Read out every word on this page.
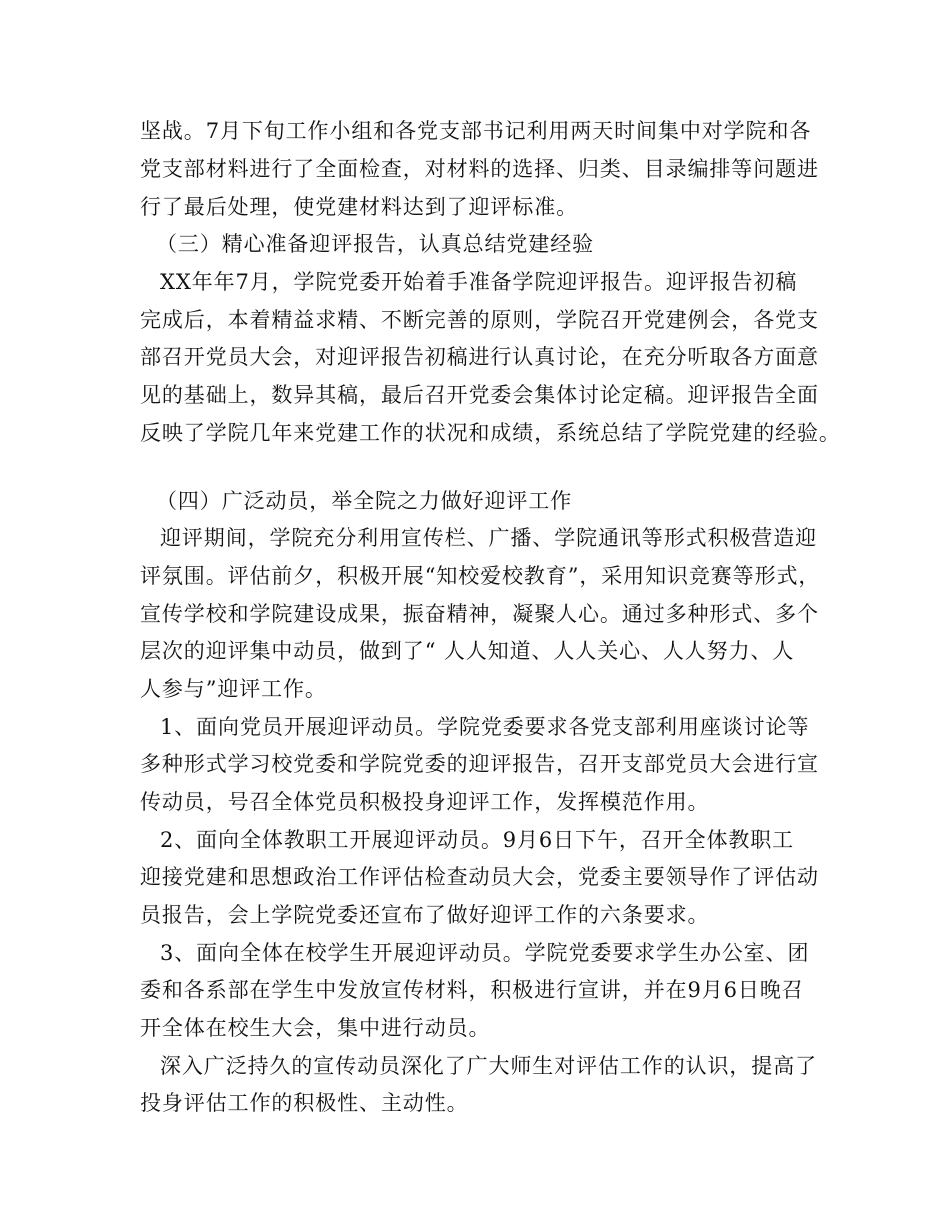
坚战。7月下旬工作小组和各党支部书记利用两天时间集中对学院和各
党支部材料进行了全面检查，对材料的选择、归类、目录编排等问题进
行了最后处理，使党建材料达到了迎评标准。
（三）精心准备迎评报告，认真总结党建经验
XX年年7月，学院党委开始着手准备学院迎评报告。迎评报告初稿
完成后，本着精益求精、不断完善的原则，学院召开党建例会，各党支
部召开党员大会，对迎评报告初稿进行认真讨论，在充分听取各方面意
见的基础上，数异其稿，最后召开党委会集体讨论定稿。迎评报告全面
反映了学院几年来党建工作的状况和成绩，系统总结了学院党建的经验。
（四）广泛动员，举全院之力做好迎评工作
迎评期间，学院充分利用宣传栏、广播、学院通讯等形式积极营造迎
评氛围。评估前夕，积极开展“知校爱校教育”，采用知识竞赛等形式，
宣传学校和学院建设成果，振奋精神，凝聚人心。通过多种形式、多个
层次的迎评集中动员，做到了“ 人人知道、人人关心、人人努力、人
人参与”迎评工作。
1、面向党员开展迎评动员。学院党委要求各党支部利用座谈讨论等
多种形式学习校党委和学院党委的迎评报告，召开支部党员大会进行宣
传动员，号召全体党员积极投身迎评工作，发挥模范作用。
2、面向全体教职工开展迎评动员。9月6日下午，召开全体教职工
迎接党建和思想政治工作评估检查动员大会，党委主要领导作了评估动
员报告，会上学院党委还宣布了做好迎评工作的六条要求。
3、面向全体在校学生开展迎评动员。学院党委要求学生办公室、团
委和各系部在学生中发放宣传材料，积极进行宣讲，并在9月6日晚召
开全体在校生大会，集中进行动员。
深入广泛持久的宣传动员深化了广大师生对评估工作的认识，提高了
投身评估工作的积极性、主动性。
